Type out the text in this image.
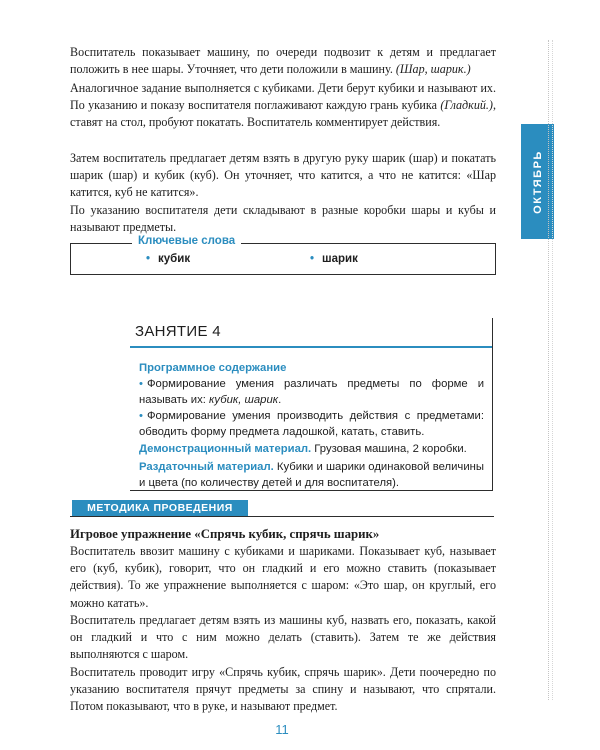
Воспитатель показывает машину, по очереди подвозит к детям и предлагает положить в нее шары. Уточняет, что дети положили в машину. (Шар, шарик.)

Аналогичное задание выполняется с кубиками. Дети берут кубики и называют их. По указанию и показу воспитателя поглаживают каждую грань кубика (Гладкий.), ставят на стол, пробуют покатать. Воспитатель комментирует действия.

Затем воспитатель предлагает детям взять в другую руку шарик (шар) и покатать шарик (шар) и кубик (куб). Он уточняет, что катится, а что не катится: «Шар катится, куб не катится».

По указанию воспитателя дети складывают в разные коробки шары и кубы и называют предметы.

ОКТЯБРЬ
Ключевые слова
• кубик	• шарик
ЗАНЯТИЕ 4

Программное содержание

• Формирование умения различать предметы по форме и называть их: кубик, шарик.

• Формирование умения производить действия с предметами: обводить форму предмета ладошкой, катать, ставить.

Демонстрационный материал. Грузовая машина, 2 коробки.

Раздаточный материал. Кубики и шарики одинаковой величины и цвета (по количеству детей и для воспитателя).

МЕТОДИКА ПРОВЕДЕНИЯ

Игровое упражнение «Спрячь кубик, спрячь шарик»

Воспитатель ввозит машину с кубиками и шариками. Показывает куб, называет его (куб, кубик), говорит, что он гладкий и его можно ставить (показывает действия). То же упражнение выполняется с шаром: «Это шар, он круглый, его можно катать».

Воспитатель предлагает детям взять из машины куб, назвать его, показать, какой он гладкий и что с ним можно делать (ставить). Затем те же действия выполняются с шаром.

Воспитатель проводит игру «Спрячь кубик, спрячь шарик». Дети поочередно по указанию воспитателя прячут предметы за спину и называют, что спрятали. Потом показывают, что в руке, и называют предмет.

11
